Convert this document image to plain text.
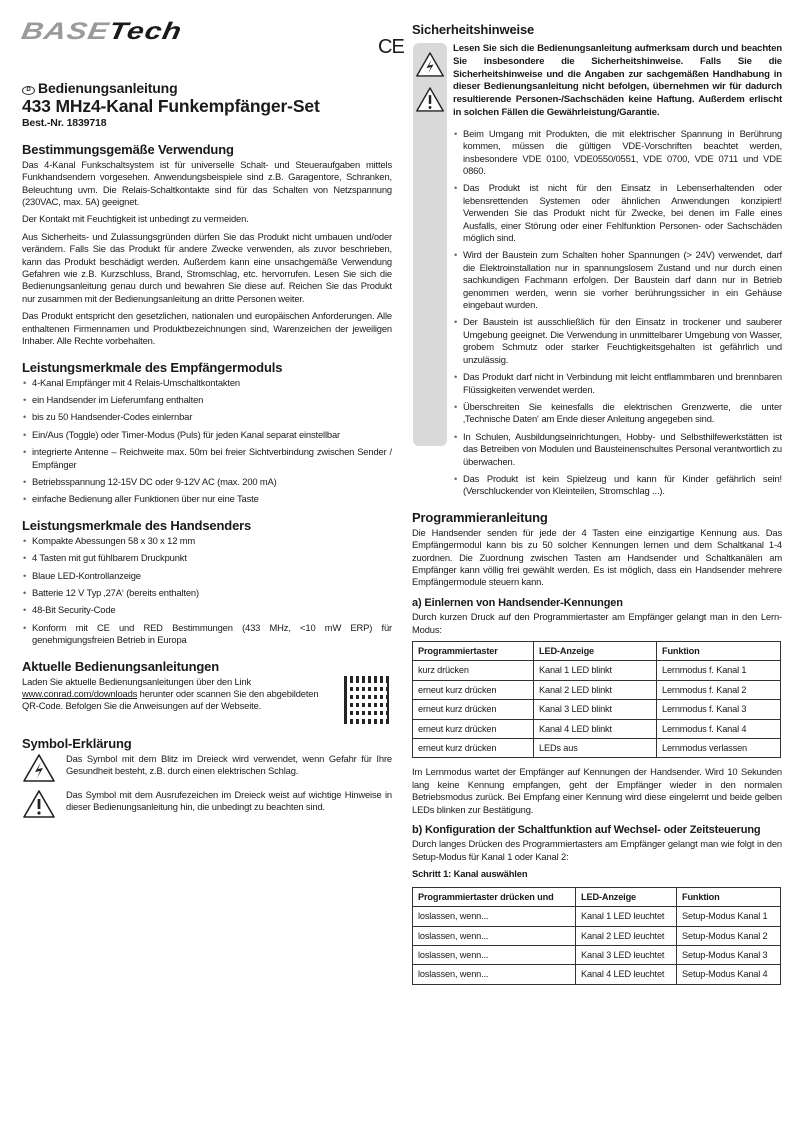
BASETech
CE
D Bedienungsanleitung
433 MHz4-Kanal Funkempfänger-Set
Best.-Nr. 1839718
Bestimmungsgemäße Verwendung

Das 4-Kanal Funkschaltsystem ist für universelle Schalt- und Steueraufgaben mittels Funkhandsendern vorgesehen. Anwendungsbeispiele sind z.B. Garagentore, Schranken, Beleuchtung uvm. Die Relais-Schaltkontakte sind für das Schalten von Netzspannung (230VAC, max. 5A) geeignet.

Der Kontakt mit Feuchtigkeit ist unbedingt zu vermeiden.

Aus Sicherheits- und Zulassungsgründen dürfen Sie das Produkt nicht umbauen und/oder verändern. Falls Sie das Produkt für andere Zwecke verwenden, als zuvor beschrieben, kann das Produkt beschädigt werden. Außerdem kann eine unsachgemäße Verwendung Gefahren wie z.B. Kurzschluss, Brand, Stromschlag, etc. hervorrufen. Lesen Sie sich die Bedienungsanleitung genau durch und bewahren Sie diese auf. Reichen Sie das Produkt nur zusammen mit der Bedienungsanleitung an dritte Personen weiter.

Das Produkt entspricht den gesetzlichen, nationalen und europäischen Anforderungen. Alle enthaltenen Firmennamen und Produktbezeichnungen sind, Warenzeichen der jeweiligen Inhaber. Alle Rechte vorbehalten.

Leistungsmerkmale des Empfängermoduls
• 4-Kanal Empfänger mit 4 Relais-Umschaltkontakten
• ein Handsender im Lieferumfang enthalten
• bis zu 50 Handsender-Codes einlernbar
• Ein/Aus (Toggle) oder Timer-Modus (Puls) für jeden Kanal separat einstellbar
• integrierte Antenne – Reichweite max. 50m bei freier Sichtverbindung zwischen Sender / Empfänger
• Betriebsspannung 12-15V DC oder 9-12V AC (max. 200 mA)
• einfache Bedienung aller Funktionen über nur eine Taste
Leistungsmerkmale des Handsenders
• Kompakte Abessungen 58 x 30 x 12 mm
• 4 Tasten mit gut fühlbarem Druckpunkt
• Blaue LED-Kontrollanzeige
• Batterie 12 V Typ ‚27A‘ (bereits enthalten)
• 48-Bit Security-Code
• Konform mit CE und RED Bestimmungen (433 MHz, <10 mW ERP) für genehmigungsfreien Betrieb in Europa
Aktuelle Bedienungsanleitungen

Laden Sie aktuelle Bedienungsanleitungen über den Link www.conrad.com/downloads herunter oder scannen Sie den abgebildeten QR-Code. Befolgen Sie die Anweisungen auf der Webseite.

Symbol-Erklärung

Das Symbol mit dem Blitz im Dreieck wird verwendet, wenn Gefahr für Ihre Gesundheit besteht, z.B. durch einen elektrischen Schlag.

Das Symbol mit dem Ausrufezeichen im Dreieck weist auf wichtige Hinweise in dieser Bedienungsanleitung hin, die unbedingt zu beachten sind.

Sicherheitshinweise

Lesen Sie sich die Bedienungsanleitung aufmerksam durch und beachten Sie insbesondere die Sicherheitshinweise. Falls Sie die Sicherheitshinweise und die Angaben zur sachgemäßen Handhabung in dieser Bedienungsanleitung nicht befolgen, übernehmen wir für dadurch resultierende Personen-/Sachschäden keine Haftung. Außerdem erlischt in solchen Fällen die Gewährleistung/Garantie.

• Beim Umgang mit Produkten, die mit elektrischer Spannung in Berührung kommen, müssen die gültigen VDE-Vorschriften beachtet werden, insbesondere VDE 0100, VDE0550/0551, VDE 0700, VDE 0711 und VDE 0860.
• Das Produkt ist nicht für den Einsatz in Lebenserhaltenden oder lebensrettenden Systemen oder ähnlichen Anwendungen konzipiert! Verwenden Sie das Produkt nicht für Zwecke, bei denen im Falle eines Ausfalls, einer Störung oder einer Fehlfunktion Personen- oder Sachschäden möglich sind.
• Wird der Baustein zum Schalten hoher Spannungen (> 24V) verwendet, darf die Elektroinstallation nur in spannungslosem Zustand und nur durch einen sachkundigen Fachmann erfolgen. Der Baustein darf dann nur in Betrieb genommen werden, wenn sie vorher berührungssicher in ein Gehäuse eingebaut wurden.
• Der Baustein ist ausschließlich für den Einsatz in trockener und sauberer Umgebung geeignet. Die Verwendung in unmittelbarer Umgebung von Wasser, grobem Schmutz oder starker Feuchtigkeitsgehalten ist gefährlich und unzulässig.
• Das Produkt darf nicht in Verbindung mit leicht entflammbaren und brennbaren Flüssigkeiten verwendet werden.
• Überschreiten Sie keinesfalls die elektrischen Grenzwerte, die unter ‚Technische Daten‘ am Ende dieser Anleitung angegeben sind.
• In Schulen, Ausbildungseinrichtungen, Hobby- und Selbsthilfewerkstätten ist das Betreiben von Modulen und Bausteinenschultes Personal verantwortlich zu überwachen.
• Das Produkt ist kein Spielzeug und kann für Kinder gefährlich sein! (Verschluckender von Kleinteilen, Stromschlag ...).
Programmieranleitung

Die Handsender senden für jede der 4 Tasten eine einzigartige Kennung aus. Das Empfängermodul kann bis zu 50 solcher Kennungen lernen und dem Schaltkanal 1-4 zuordnen. Die Zuordnung zwischen Tasten am Handsender und Schaltkanälen am Empfänger kann völlig frei gewählt werden. Es ist möglich, dass ein Handsender mehrere Empfängermodule steuern kann.

a) Einlernen von Handsender-Kennungen

Durch kurzen Druck auf den Programmiertaster am Empfänger gelangt man in den Lern-Modus:

Programmiertaster	LED-Anzeige	Funktion
kurz drücken	Kanal 1 LED blinkt	Lernmodus f. Kanal 1
erneut kurz drücken	Kanal 2 LED blinkt	Lernmodus f. Kanal 2
erneut kurz drücken	Kanal 3 LED blinkt	Lernmodus f. Kanal 3
erneut kurz drücken	Kanal 4 LED blinkt	Lernmodus f. Kanal 4
erneut kurz drücken	LEDs aus	Lernmodus verlassen

Im Lernmodus wartet der Empfänger auf Kennungen der Handsender. Wird 10 Sekunden lang keine Kennung empfangen, geht der Empfänger wieder in den normalen Betriebsmodus zurück. Bei Empfang einer Kennung wird diese eingelernt und beide gelben LEDs blinken zur Bestätigung.

b) Konfiguration der Schaltfunktion auf Wechsel- oder Zeitsteuerung

Durch langes Drücken des Programmiertasters am Empfänger gelangt man wie folgt in den Setup-Modus für Kanal 1 oder Kanal 2:

Schritt 1: Kanal auswählen
Programmiertaster drücken und	LED-Anzeige	Funktion
loslassen, wenn...	Kanal 1 LED leuchtet	Setup-Modus Kanal 1
loslassen, wenn...	Kanal 2 LED leuchtet	Setup-Modus Kanal 2
loslassen, wenn...	Kanal 3 LED leuchtet	Setup-Modus Kanal 3
loslassen, wenn...	Kanal 4 LED leuchtet	Setup-Modus Kanal 4
